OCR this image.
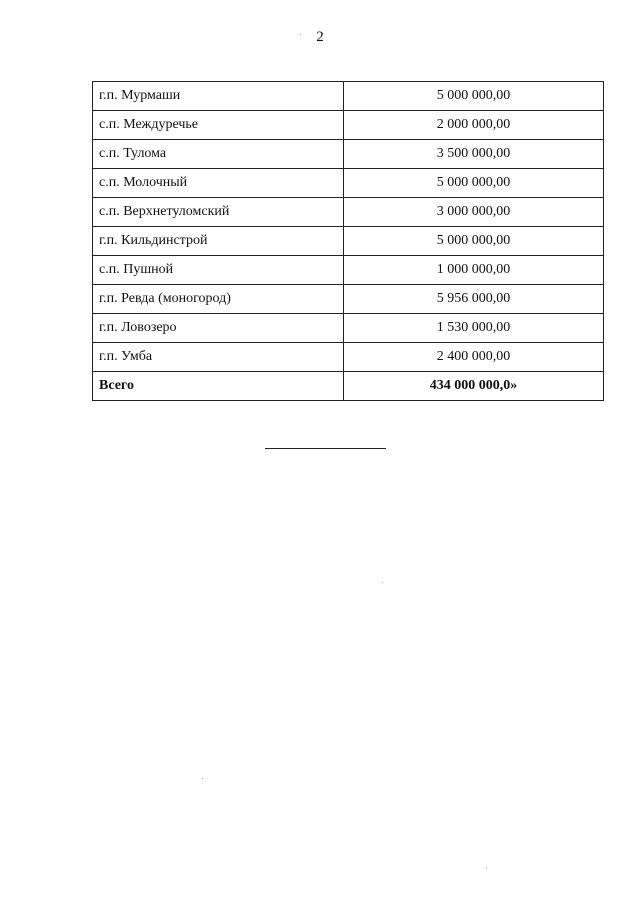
2
г.п. Мурмаши	5 000 000,00
с.п. Междуречье	2 000 000,00
с.п. Тулома	3 500 000,00
с.п. Молочный	5 000 000,00
с.п. Верхнетуломский	3 000 000,00
г.п. Кильдинстрой	5 000 000,00
с.п. Пушной	1 000 000,00
г.п. Ревда (моногород)	5 956 000,00
г.п. Ловозеро	1 530 000,00
г.п. Умба	2 400 000,00
Всего	434 000 000,0»
